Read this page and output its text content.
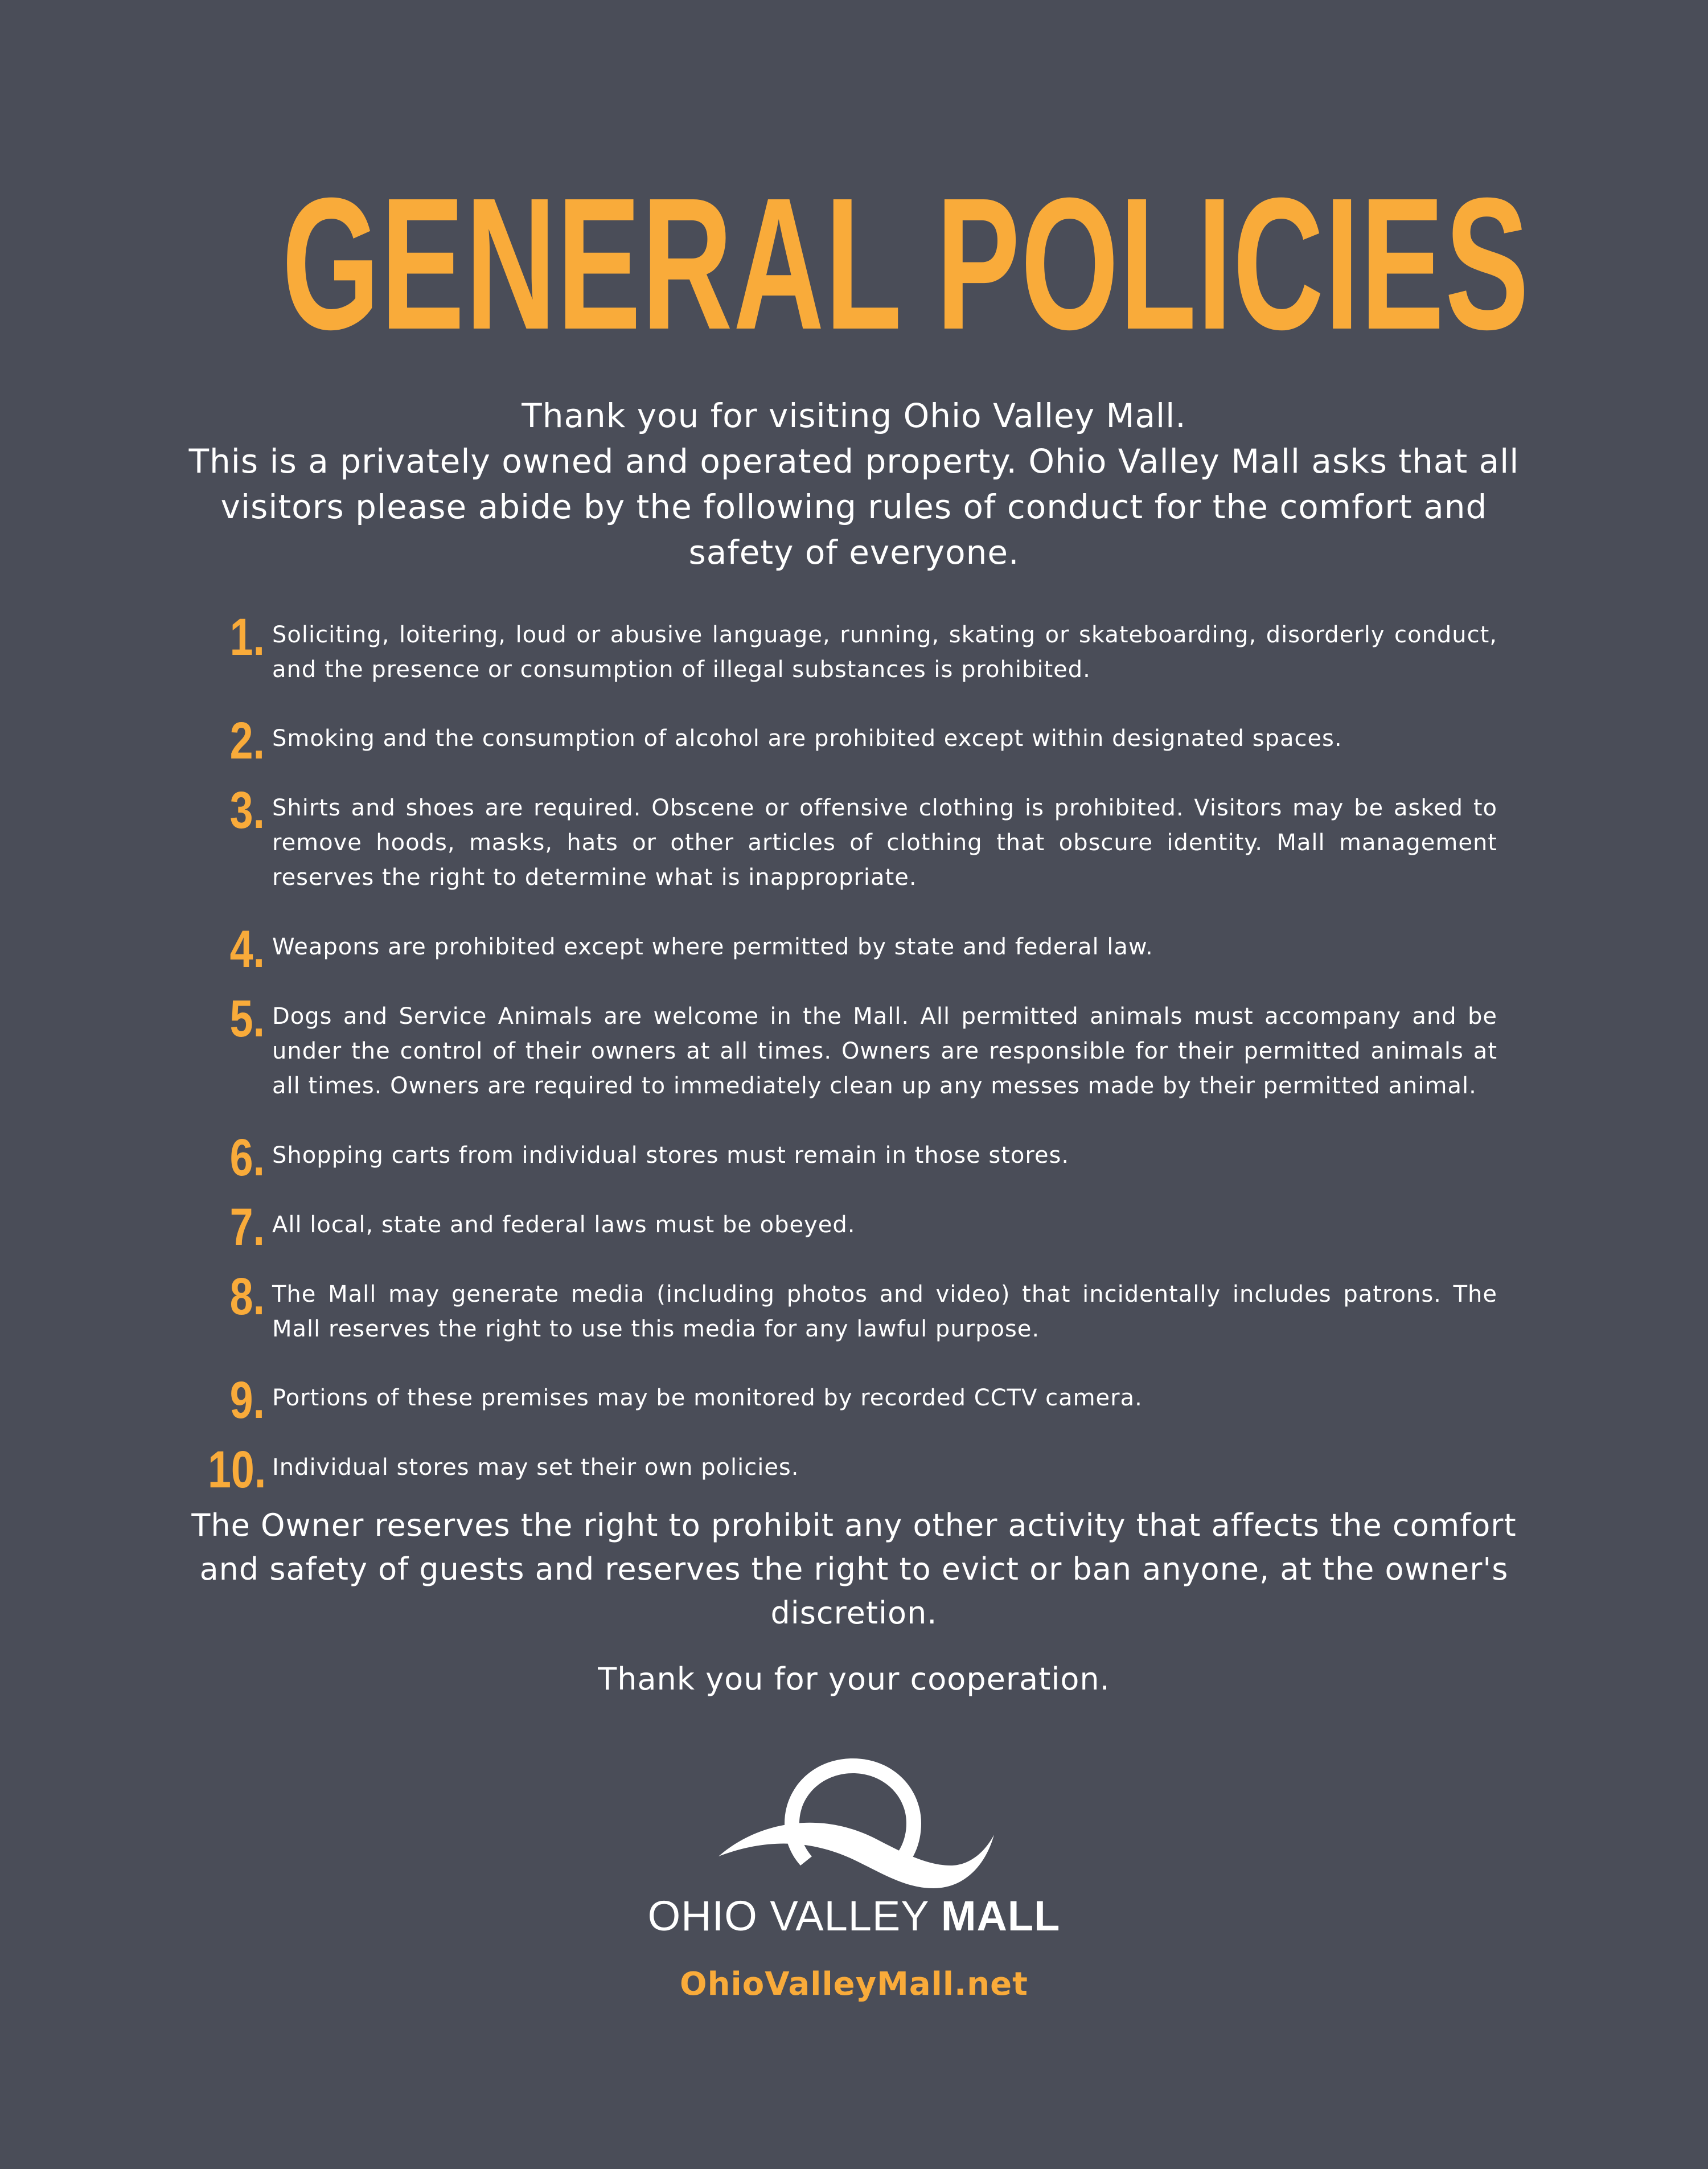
GENERAL POLICIES
Thank you for visiting Ohio Valley Mall.
This is a privately owned and operated property. Ohio Valley Mall asks that all visitors please abide by the following rules of conduct for the comfort and safety of everyone.
1. Soliciting, loitering, loud or abusive language, running, skating or skateboarding, disorderly conduct, and the presence or consumption of illegal substances is prohibited.
2. Smoking and the consumption of alcohol are prohibited except within designated spaces.
3. Shirts and shoes are required. Obscene or offensive clothing is prohibited. Visitors may be asked to remove hoods, masks, hats or other articles of clothing that obscure identity. Mall management reserves the right to determine what is inappropriate.
4. Weapons are prohibited except where permitted by state and federal law.
5. Dogs and Service Animals are welcome in the Mall. All permitted animals must accompany and be under the control of their owners at all times. Owners are responsible for their permitted animals at all times. Owners are required to immediately clean up any messes made by their permitted animal.
6. Shopping carts from individual stores must remain in those stores.
7. All local, state and federal laws must be obeyed.
8. The Mall may generate media (including photos and video) that incidentally includes patrons. The Mall reserves the right to use this media for any lawful purpose.
9. Portions of these premises may be monitored by recorded CCTV camera.
10. Individual stores may set their own policies.
The Owner reserves the right to prohibit any other activity that affects the comfort and safety of guests and reserves the right to evict or ban anyone, at the owner's discretion.
Thank you for your cooperation.
OHIO VALLEY MALL
OhioValleyMall.net
